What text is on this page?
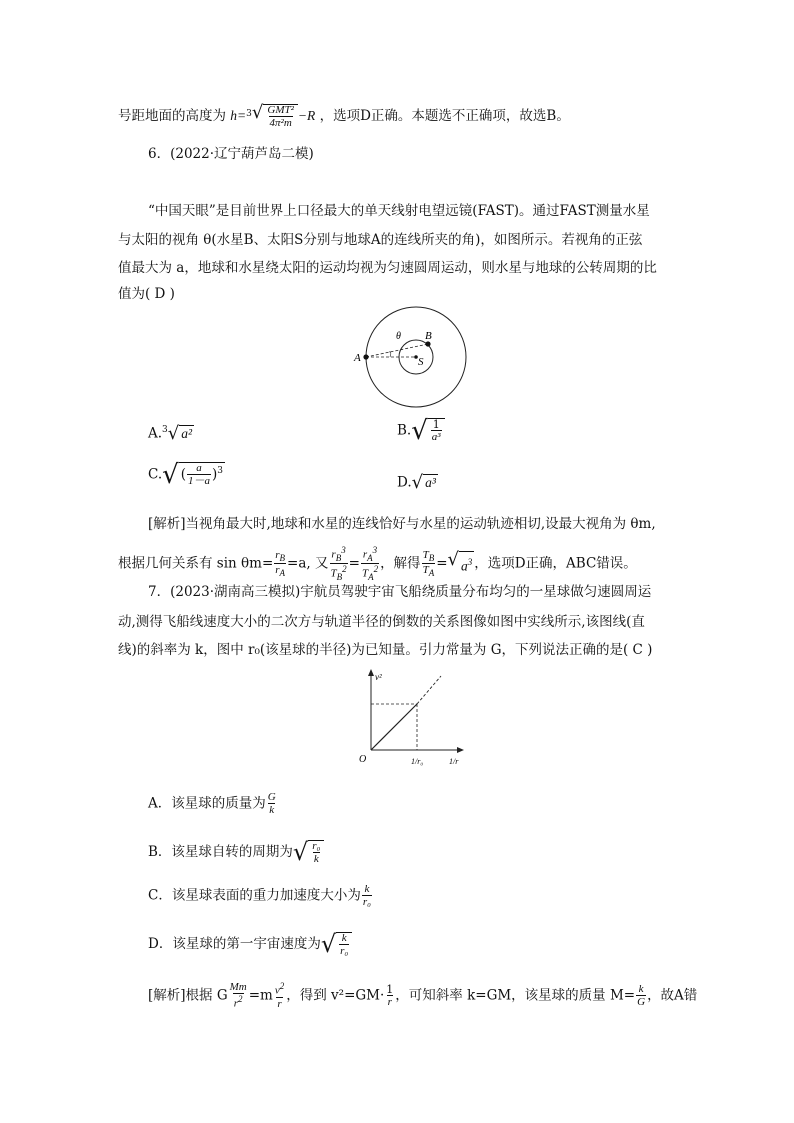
号距地面的高度为 h= 3 √ $\frac{\text{GMT²}}{\text{4π²m}} -R$ ，选项D正确。本题选不正确项，故选B。
6．(2022·辽宁葫芦岛二模)
“中国天眼”是目前世界上口径最大的单天线射电望远镜(FAST)。通过FAST测量水星
与太阳的视角 θ(水星B、太阳S分别与地球A的连线所夹的角)，如图所示。若视角的正弦
值最大为 a，地球和水星绕太阳的运动均视为匀速圆周运动，则水星与地球的公转周期的比
值为( D )
A
B
S
θ
A. 3 √ a²	B. √ $\frac{1}{\text{a³}}$
C. √ ( $\frac{a}{1-a} )^3$
D. √ a³
[解析]当视角最大时,地球和水星的连线恰好与水星的运动轨迹相切,设最大视角为 θm,
根据几何关系有 $\sin \theta m= \frac{r_B}{r_A} =a$, 又 $\frac{r_B^3}{T_B^2} = \frac{r_A^3}{T_A^2}$ ，解得 $\frac{T_B}{T_A}$ = √ $a^3$ ，选项D正确，ABC错误。
7．(2023·湖南高三模拟)宇航员驾驶宇宙飞船绕质量分布均匀的一星球做匀速圆周运
动,测得飞船线速度大小的二次方与轨道半径的倒数的关系图像如图中实线所示,该图线(直
线)的斜率为 k，图中 r₀(该星球的半径)为已知量。引力常量为 G，下列说法正确的是( C )
v²
O	1/r₀	1/r
A．该星球的质量为 $\frac{G}{k}$
B．该星球自转的周期为 √ $\frac{\text{r₀}}{k}$
C．该星球表面的重力加速度大小为 $\frac{k}{\text{r₀}}$
D．该星球的第一宇宙速度为 √ $\frac{k}{\text{r₀}}$
[解析]根据 G $\frac{Mm}{r^2} =m \frac{v^2}{r}$ ，得到 $v^2=GM\cdot \frac{1}{r}$ ，可知斜率 k=GM，该星球的质量 $M= \frac{k}{G}$ ，故A错
